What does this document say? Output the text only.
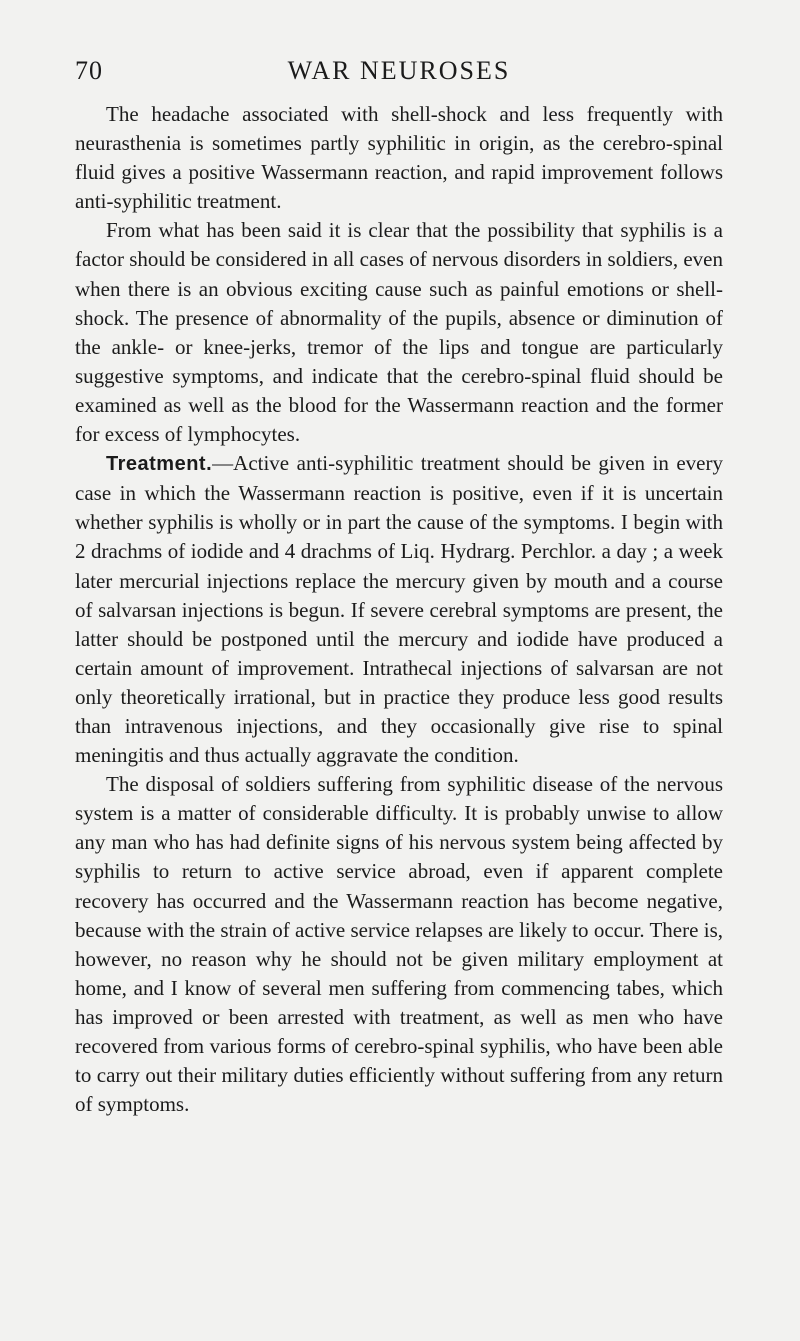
70	WAR NEUROSES

The headache associated with shell-shock and less frequently with neurasthenia is sometimes partly syphilitic in origin, as the cerebro-spinal fluid gives a positive Wassermann reaction, and rapid improvement follows anti-syphilitic treatment.

From what has been said it is clear that the possibility that syphilis is a factor should be considered in all cases of nervous disorders in soldiers, even when there is an obvious exciting cause such as painful emotions or shell-shock. The presence of abnormality of the pupils, absence or diminution of the ankle- or knee-jerks, tremor of the lips and tongue are particularly suggestive symptoms, and indicate that the cerebro-spinal fluid should be examined as well as the blood for the Wassermann reaction and the former for excess of lymphocytes.

Treatment.—Active anti-syphilitic treatment should be given in every case in which the Wassermann reaction is positive, even if it is uncertain whether syphilis is wholly or in part the cause of the symptoms. I begin with 2 drachms of iodide and 4 drachms of Liq. Hydrarg. Perchlor. a day ; a week later mercurial injections replace the mercury given by mouth and a course of salvarsan injections is begun. If severe cerebral symptoms are present, the latter should be postponed until the mercury and iodide have produced a certain amount of improvement. Intrathecal injections of salvarsan are not only theoretically irrational, but in practice they produce less good results than intravenous injections, and they occasionally give rise to spinal meningitis and thus actually aggravate the condition.

The disposal of soldiers suffering from syphilitic disease of the nervous system is a matter of considerable difficulty. It is probably unwise to allow any man who has had definite signs of his nervous system being affected by syphilis to return to active service abroad, even if apparent complete recovery has occurred and the Wassermann reaction has become negative, because with the strain of active service relapses are likely to occur. There is, however, no reason why he should not be given military employment at home, and I know of several men suffering from commencing tabes, which has improved or been arrested with treatment, as well as men who have recovered from various forms of cerebro-spinal syphilis, who have been able to carry out their military duties efficiently without suffering from any return of symptoms.
